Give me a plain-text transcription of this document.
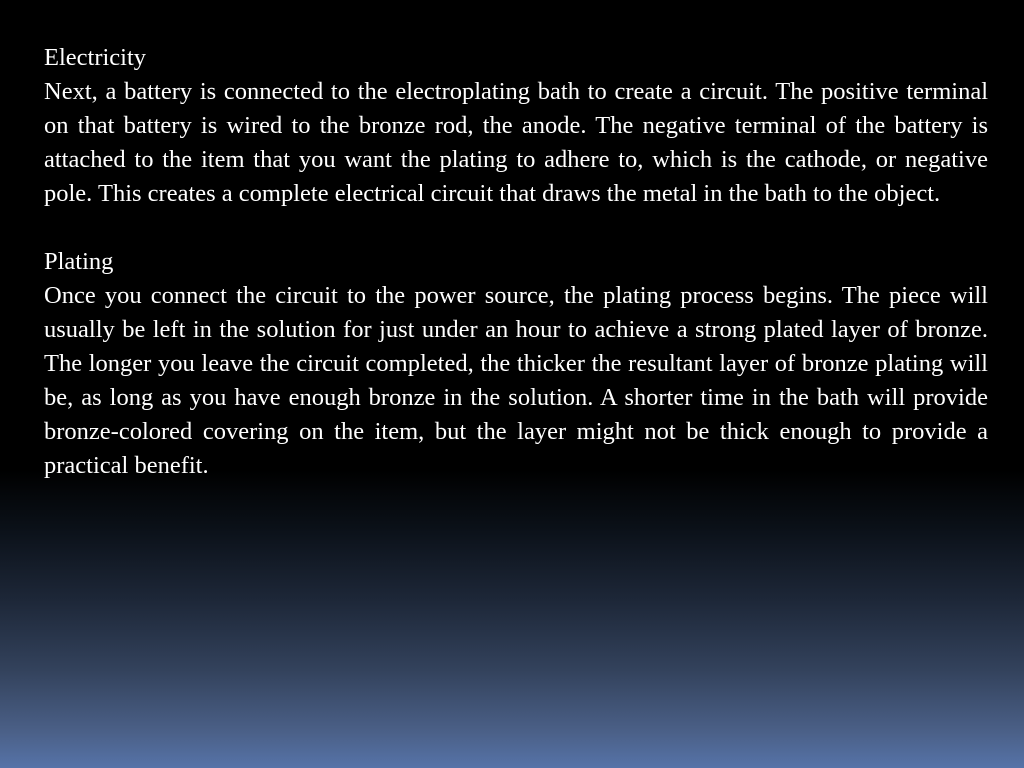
Electricity

Next, a battery is connected to the electroplating bath to create a circuit. The positive terminal on that battery is wired to the bronze rod, the anode. The negative terminal of the battery is attached to the item that you want the plating to adhere to, which is the cathode, or negative pole. This creates a complete electrical circuit that draws the metal in the bath to the object.

Plating

Once you connect the circuit to the power source, the plating process begins. The piece will usually be left in the solution for just under an hour to achieve a strong plated layer of bronze. The longer you leave the circuit completed, the thicker the resultant layer of bronze plating will be, as long as you have enough bronze in the solution. A shorter time in the bath will provide bronze-colored covering on the item, but the layer might not be thick enough to provide a practical benefit.
